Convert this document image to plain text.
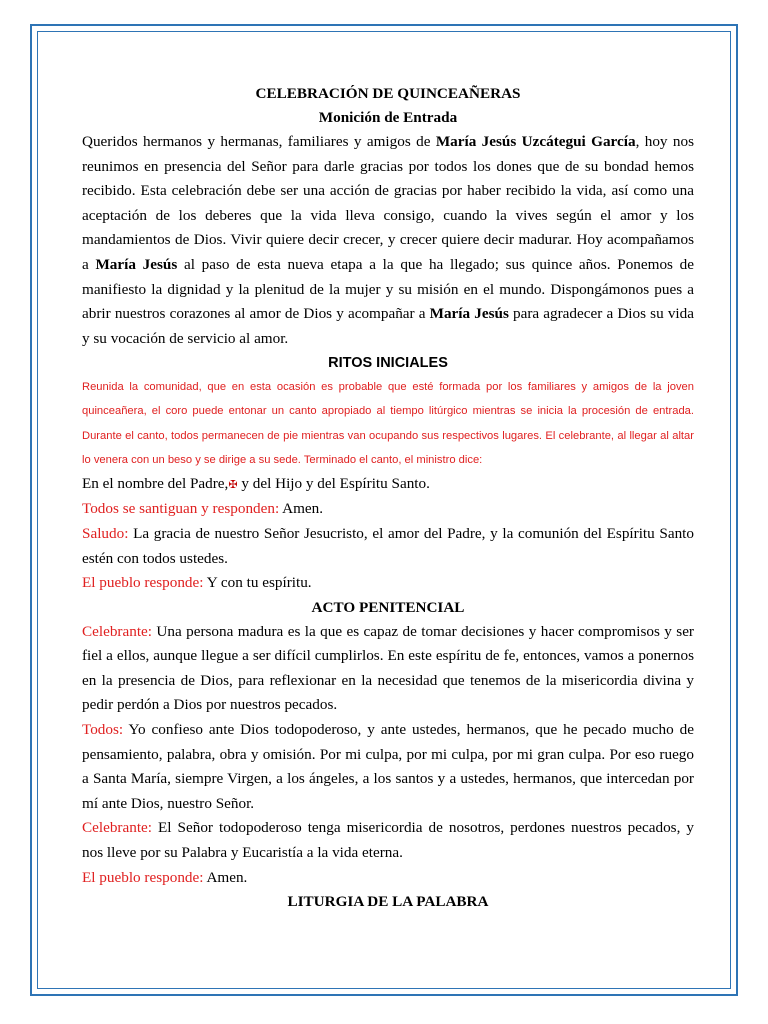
CELEBRACIÓN DE QUINCEAÑERAS
Monición de Entrada

Queridos hermanos y hermanas, familiares y amigos de María Jesús Uzcátegui García, hoy nos reunimos en presencia del Señor para darle gracias por todos los dones que de su bondad hemos recibido. Esta celebración debe ser una acción de gracias por haber recibido la vida, así como una aceptación de los deberes que la vida lleva consigo, cuando la vives según el amor y los mandamientos de Dios. Vivir quiere decir crecer, y crecer quiere decir madurar. Hoy acompañamos a María Jesús al paso de esta nueva etapa a la que ha llegado; sus quince años. Ponemos de manifiesto la dignidad y la plenitud de la mujer y su misión en el mundo. Dispongámonos pues a abrir nuestros corazones al amor de Dios y acompañar a María Jesús para agradecer a Dios su vida y su vocación de servicio al amor.

RITOS INICIALES

Reunida la comunidad, que en esta ocasión es probable que esté formada por los familiares y amigos de la joven quinceañera, el coro puede entonar un canto apropiado al tiempo litúrgico mientras se inicia la procesión de entrada. Durante el canto, todos permanecen de pie mientras van ocupando sus respectivos lugares. El celebrante, al llegar al altar lo venera con un beso y se dirige a su sede. Terminado el canto, el ministro dice:

En el nombre del Padre,✠ y del Hijo y del Espíritu Santo.

Todos se santiguan y responden: Amen.

Saludo: La gracia de nuestro Señor Jesucristo, el amor del Padre, y la comunión del Espíritu Santo estén con todos ustedes.

El pueblo responde: Y con tu espíritu.

ACTO PENITENCIAL

Celebrante: Una persona madura es la que es capaz de tomar decisiones y hacer compromisos y ser fiel a ellos, aunque llegue a ser difícil cumplirlos. En este espíritu de fe, entonces, vamos a ponernos en la presencia de Dios, para reflexionar en la necesidad que tenemos de la misericordia divina y pedir perdón a Dios por nuestros pecados.

Todos: Yo confieso ante Dios todopoderoso, y ante ustedes, hermanos, que he pecado mucho de pensamiento, palabra, obra y omisión. Por mi culpa, por mi culpa, por mi gran culpa. Por eso ruego a Santa María, siempre Virgen, a los ángeles, a los santos y a ustedes, hermanos, que intercedan por mí ante Dios, nuestro Señor.

Celebrante: El Señor todopoderoso tenga misericordia de nosotros, perdones nuestros pecados, y nos lleve por su Palabra y Eucaristía a la vida eterna.

El pueblo responde: Amen.

LITURGIA DE LA PALABRA
